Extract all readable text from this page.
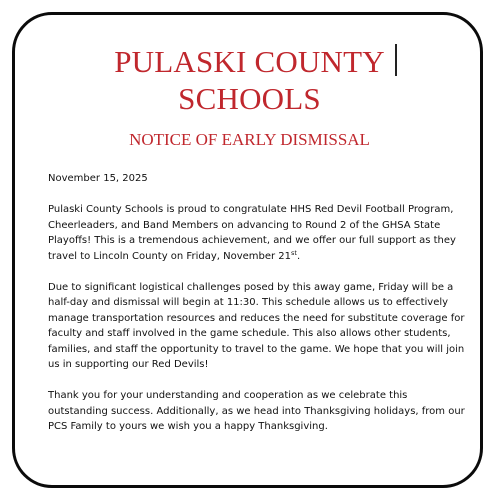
PULASKI COUNTY
SCHOOLS
NOTICE OF EARLY DISMISSAL
November 15, 2025

Pulaski County Schools is proud to congratulate HHS Red Devil Football Program, Cheerleaders, and Band Members on advancing to Round 2 of the GHSA State Playoffs! This is a tremendous achievement, and we offer our full support as they travel to Lincoln County on Friday, November 21st.

Due to significant logistical challenges posed by this away game, Friday will be a half-day and dismissal will begin at 11:30. This schedule allows us to effectively manage transportation resources and reduces the need for substitute coverage for faculty and staff involved in the game schedule. This also allows other students, families, and staff the opportunity to travel to the game. We hope that you will join us in supporting our Red Devils!

Thank you for your understanding and cooperation as we celebrate this outstanding success. Additionally, as we head into Thanksgiving holidays, from our PCS Family to yours we wish you a happy Thanksgiving.
